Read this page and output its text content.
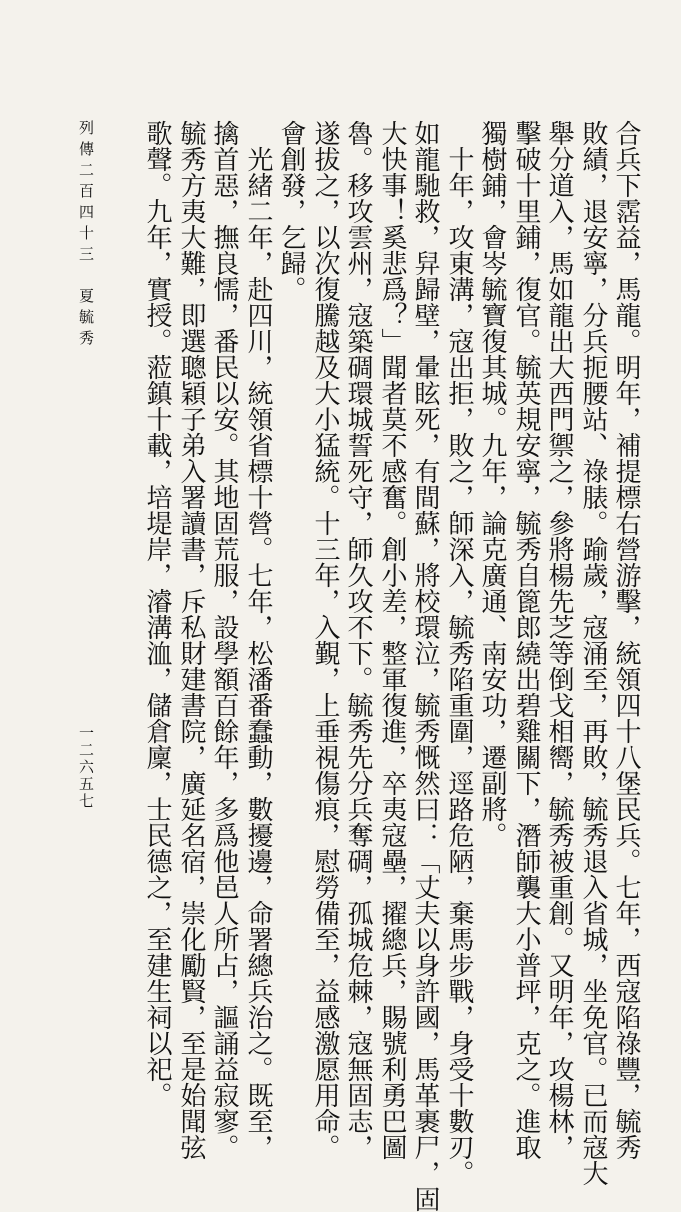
列傳二百四十三　夏毓秀
一二六五七	合兵下霑益，馬龍。明年，補提標右營游擊，統領四十八堡民兵。七年，西寇陷祿豐，毓秀
敗績，退安寧，分兵扼腰站、祿脿。踰歲，寇涌至，再敗，毓秀退入省城，坐免官。已而寇大
舉分道入，馬如龍出大西門禦之，參將楊先芝等倒戈相嚮，毓秀被重創。又明年，攻楊林，
擊破十里鋪，復官。毓英規安寧，毓秀自篦郎繞出碧雞關下，潛師襲大小普坪，克之。進取
獨樹鋪，會岑毓寶復其城。九年，論克廣通、南安功，遷副將。
　十年，攻東溝，寇出拒，敗之，師深入，毓秀陷重圍，逕路危陋，棄馬步戰，身受十數刃。
如龍馳救，舁歸壁，暈眩死，有間蘇，將校環泣，毓秀慨然曰：「丈夫以身許國，馬革裹尸，固
大快事！奚悲爲？」聞者莫不感奮。創小差，整軍復進，卒夷寇壘，擢總兵，賜號利勇巴圖
魯。移攻雲州，寇築碉環城誓死守，師久攻不下。毓秀先分兵奪碉，孤城危棘，寇無固志，
遂拔之，以次復騰越及大小猛統。十三年，入覲，上垂視傷痕，慰勞備至，益感激愿用命。
會創發，乞歸。
　光緒二年，赴四川，統領省標十營。七年，松潘番蠢動，數擾邊，命署總兵治之。既至，
擒首惡，撫良懦，番民以安。其地固荒服，設學額百餘年，多爲他邑人所占，謳誦益寂寥。
毓秀方夷大難，即選聰穎子弟入署讀書，斥私財建書院，廣延名宿，崇化勵賢，至是始聞弦
歌聲。九年，實授。蒞鎮十載，培堤岸，濬溝洫，儲倉廩，士民德之，至建生祠以祀。
